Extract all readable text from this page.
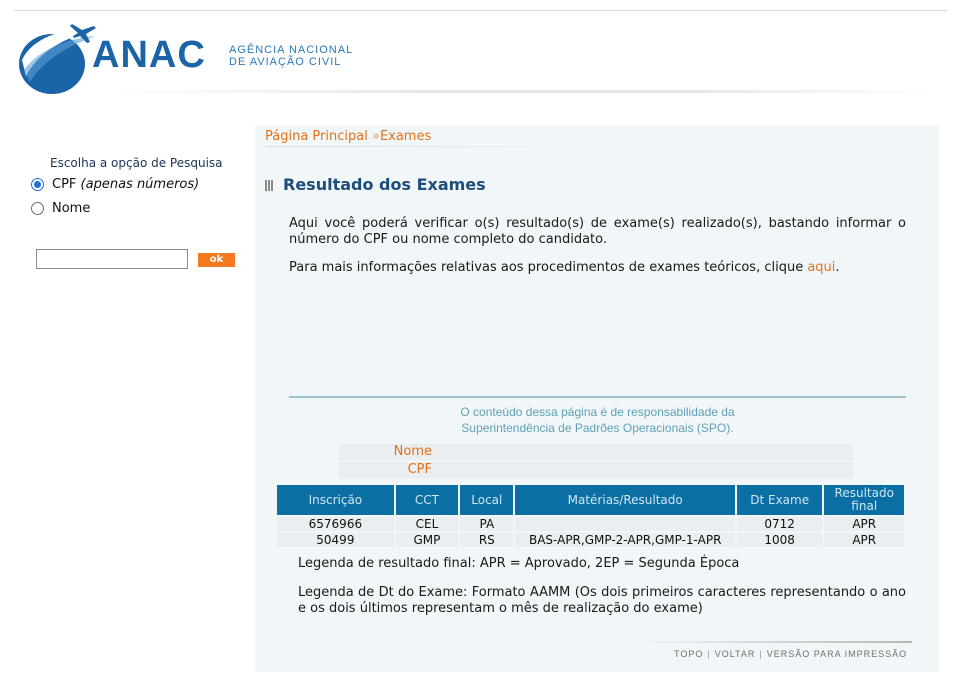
ANAC AGÊNCIA NACIONAL
DE AVIAÇÃO CIVIL
Escolha a opção de Pesquisa
CPF (apenas números)
Nome
ok
Página Principal »Exames
Resultado dos Exames
Aqui você poderá verificar o(s) resultado(s) de exame(s) realizado(s), bastando informar o número do CPF ou nome completo do candidato.
Para mais informações relativas aos procedimentos de exames teóricos, clique aqui.
O conteúdo dessa página é de responsabilidade da
Superintendência de Padrões Operacionais (SPO).
Nome
CPF
Inscrição	CCT	Local	Matérias/Resultado	Dt Exame	Resultado final
6576966	CEL	PA		0712	APR
50499	GMP	RS	BAS-APR,GMP-2-APR,GMP-1-APR	1008	APR
Legenda de resultado final: APR = Aprovado, 2EP = Segunda Época
Legenda de Dt do Exame: Formato AAMM (Os dois primeiros caracteres representando o ano e os dois últimos representam o mês de realização do exame)
TOPO | VOLTAR | VERSÃO PARA IMPRESSÃO
